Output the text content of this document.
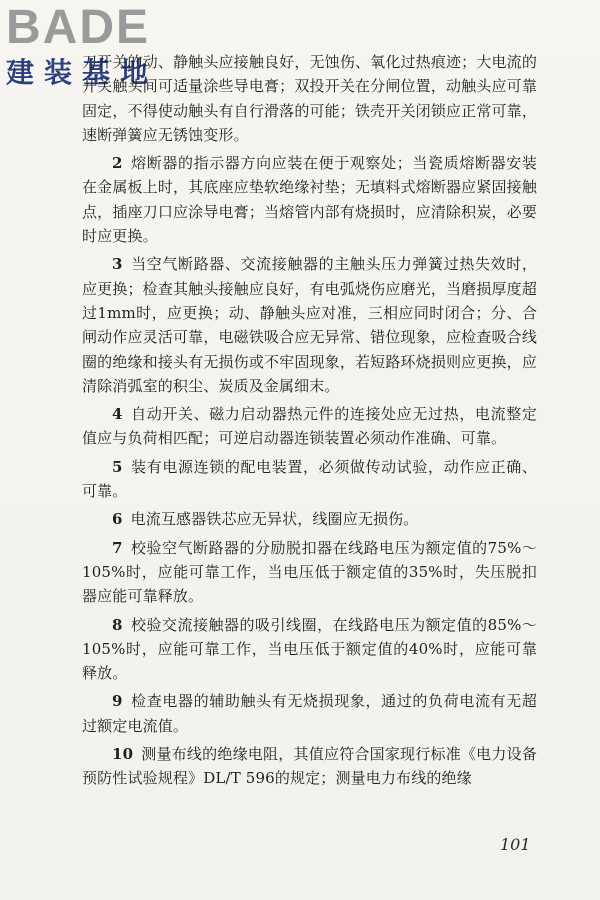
BADE
建装基地

刀开关的动、静触头应接触良好，无蚀伤、氧化过热痕迹；大电流的开关触头间可适量涂些导电膏；双投开关在分闸位置，动触头应可靠固定，不得使动触头有自行滑落的可能；铁壳开关闭锁应正常可靠，速断弹簧应无锈蚀变形。

2 熔断器的指示器方向应装在便于观察处；当瓷质熔断器安装在金属板上时，其底座应垫软绝缘衬垫；无填料式熔断器应紧固接触点，插座刀口应涂导电膏；当熔管内部有烧损时，应清除积炭，必要时应更换。

3 当空气断路器、交流接触器的主触头压力弹簧过热失效时，应更换；检查其触头接触应良好，有电弧烧伤应磨光，当磨损厚度超过1mm时，应更换；动、静触头应对准，三相应同时闭合；分、合闸动作应灵活可靠，电磁铁吸合应无异常、错位现象，应检查吸合线圈的绝缘和接头有无损伤或不牢固现象，若短路环烧损则应更换，应清除消弧室的积尘、炭质及金属细末。

4 自动开关、磁力启动器热元件的连接处应无过热，电流整定值应与负荷相匹配；可逆启动器连锁装置必须动作准确、可靠。

5 装有电源连锁的配电装置，必须做传动试验，动作应正确、可靠。

6 电流互感器铁芯应无异状，线圈应无损伤。

7 校验空气断路器的分励脱扣器在线路电压为额定值的75%～105%时，应能可靠工作，当电压低于额定值的35%时，失压脱扣器应能可靠释放。

8 校验交流接触器的吸引线圈，在线路电压为额定值的85%～105%时，应能可靠工作，当电压低于额定值的40%时，应能可靠释放。

9 检查电器的辅助触头有无烧损现象，通过的负荷电流有无超过额定电流值。

10 测量布线的绝缘电阻，其值应符合国家现行标准《电力设备预防性试验规程》DL/T 596的规定；测量电力布线的绝缘

101
